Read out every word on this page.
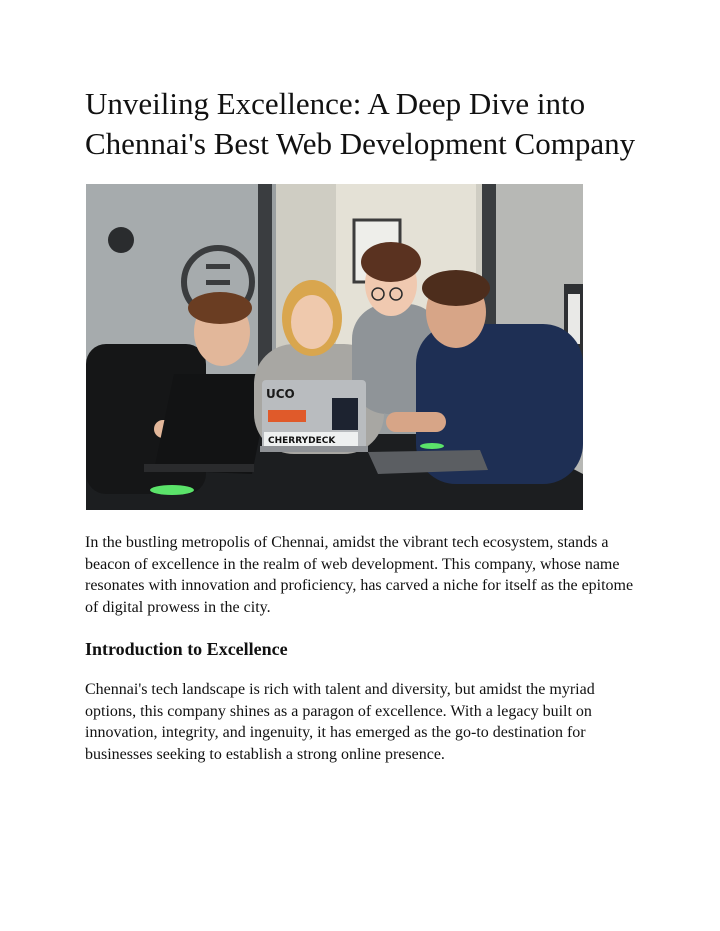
Unveiling Excellence: A Deep Dive into Chennai's Best Web Development Company
UCO
CHERRYDECK

In the bustling metropolis of Chennai, amidst the vibrant tech ecosystem, stands a beacon of excellence in the realm of web development. This company, whose name resonates with innovation and proficiency, has carved a niche for itself as the epitome of digital prowess in the city.

Introduction to Excellence

Chennai's tech landscape is rich with talent and diversity, but amidst the myriad options, this company shines as a paragon of excellence. With a legacy built on innovation, integrity, and ingenuity, it has emerged as the go-to destination for businesses seeking to establish a strong online presence.
